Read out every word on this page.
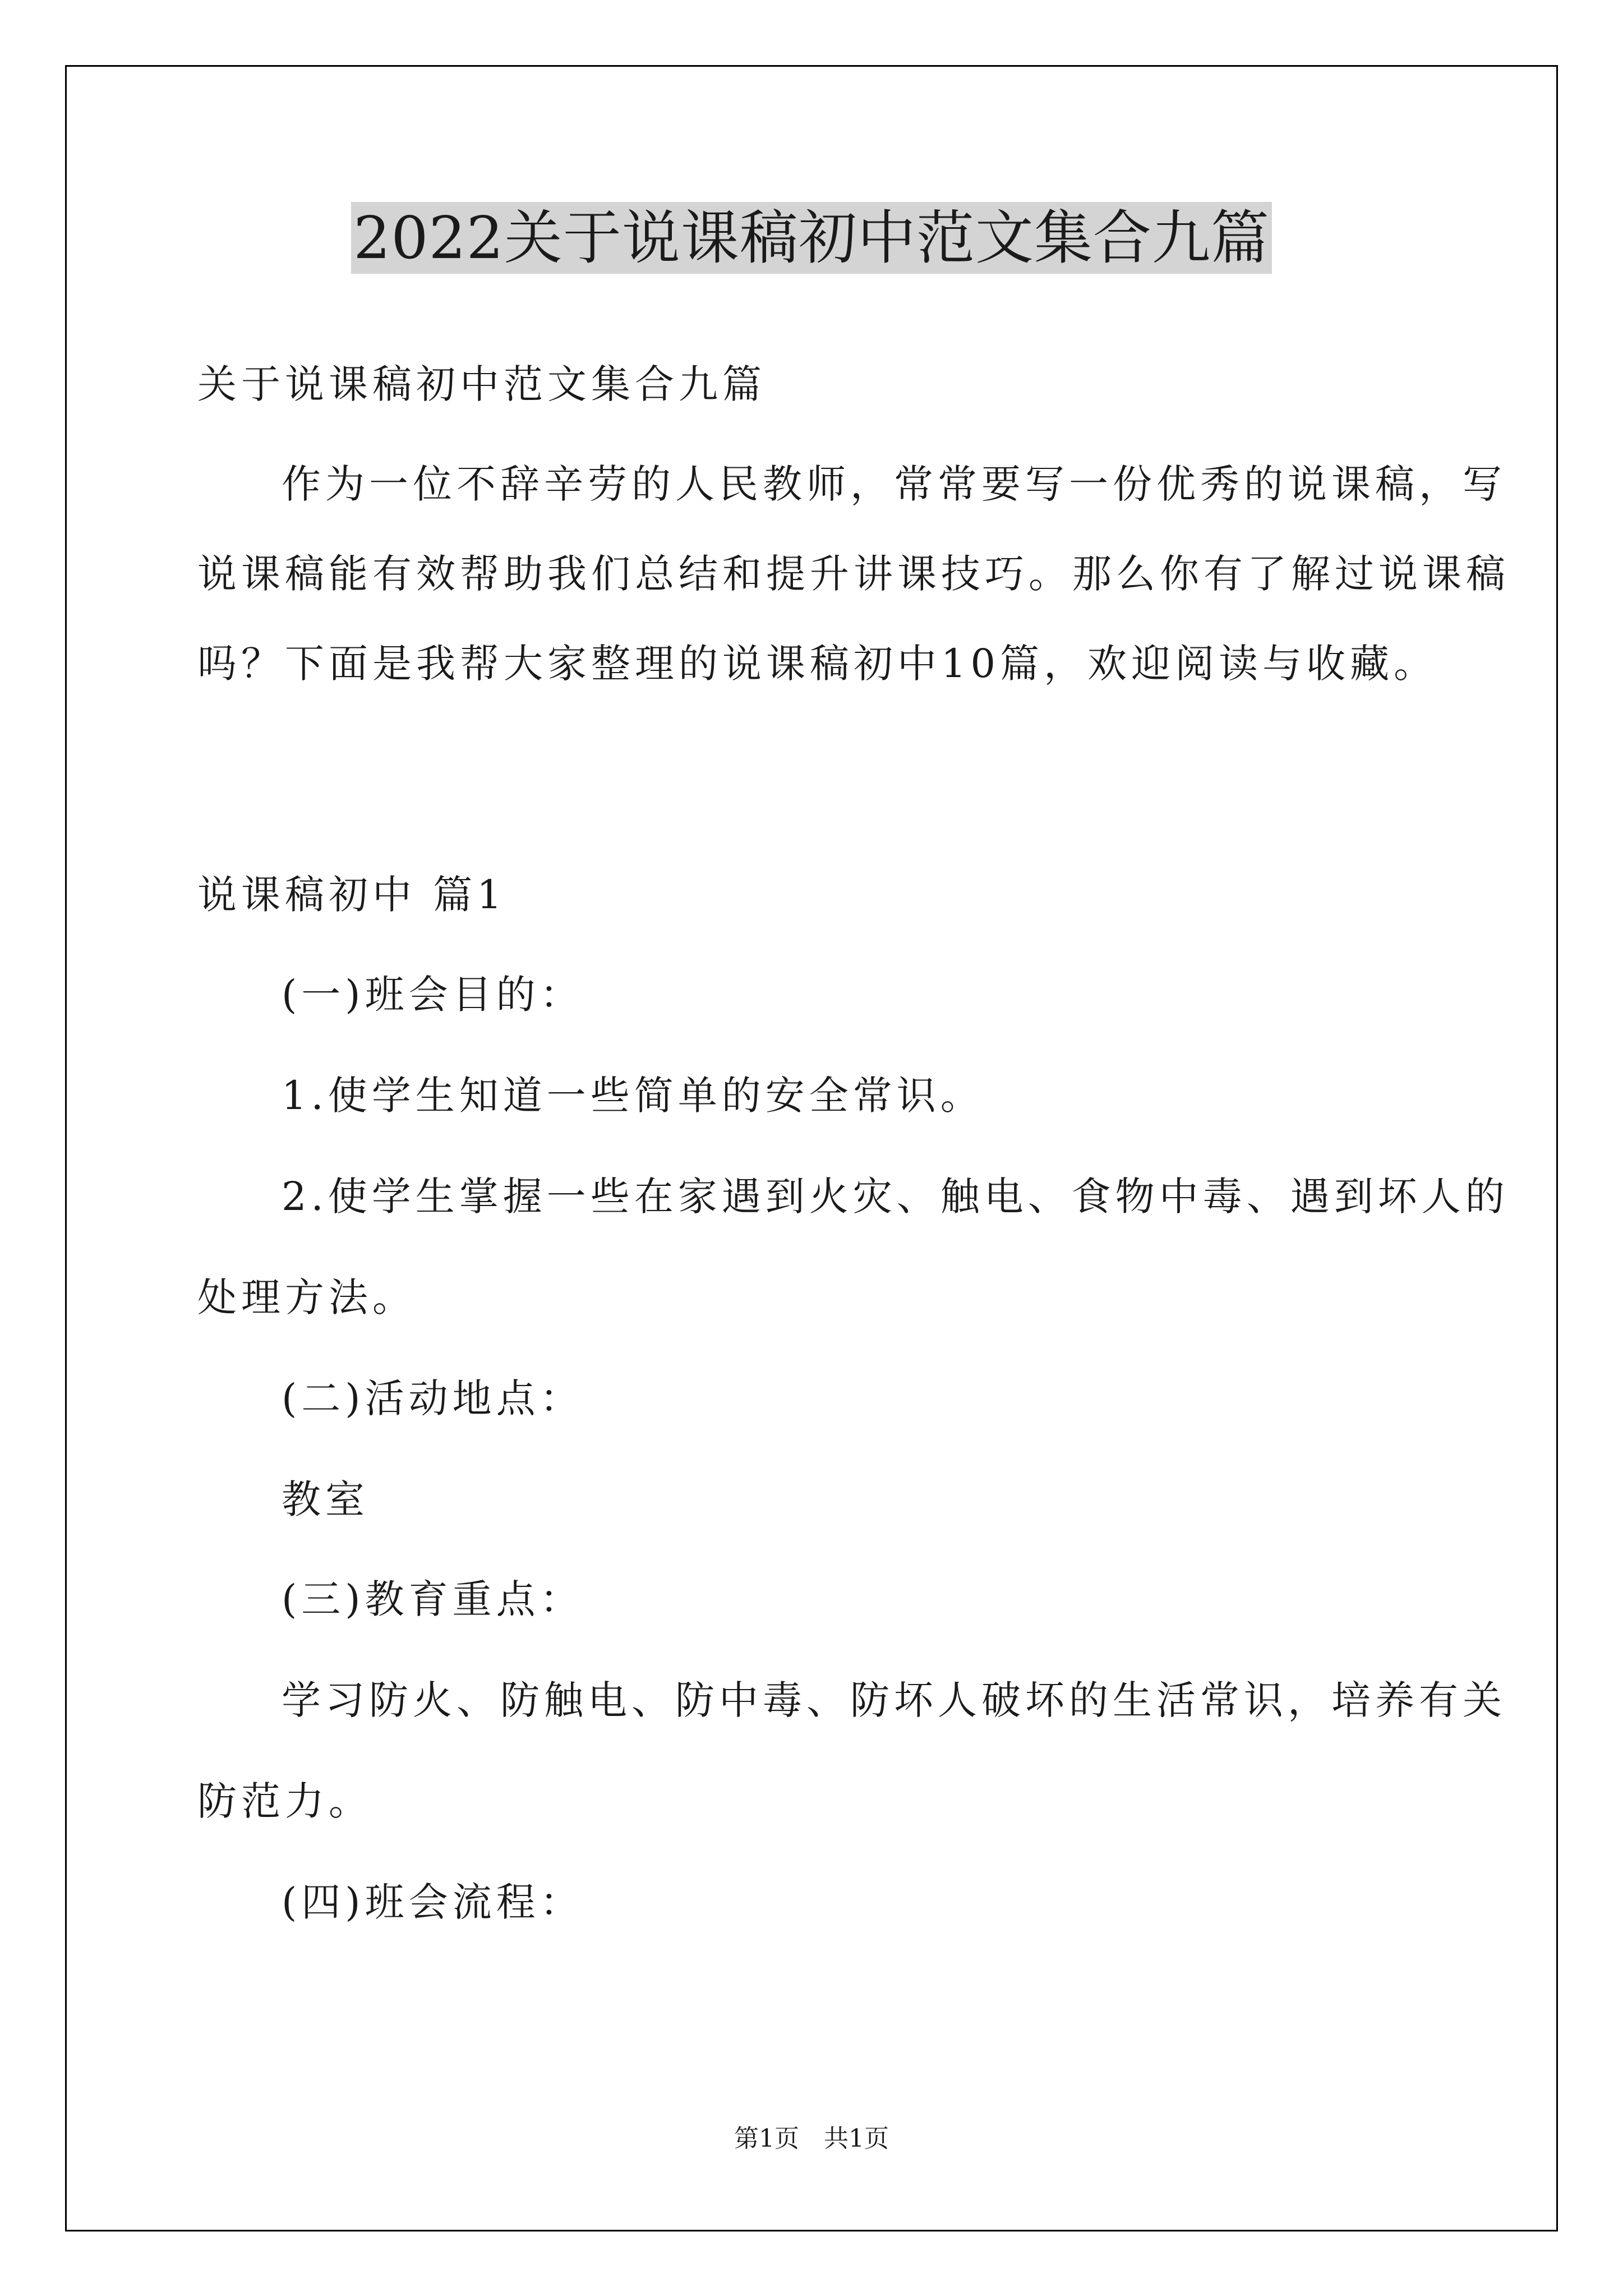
2022关于说课稿初中范文集合九篇
关于说课稿初中范文集合九篇
作为一位不辞辛劳的人民教师，常常要写一份优秀的说课稿，写
说课稿能有效帮助我们总结和提升讲课技巧。那么你有了解过说课稿
吗？下面是我帮大家整理的说课稿初中10篇，欢迎阅读与收藏。
说课稿初中 篇1
(一)班会目的：
1.使学生知道一些简单的安全常识。
2.使学生掌握一些在家遇到火灾、触电、食物中毒、遇到坏人的
处理方法。
(二)活动地点：
教室
(三)教育重点：
学习防火、防触电、防中毒、防坏人破坏的生活常识，培养有关
防范力。
(四)班会流程：
第1页　共1页
